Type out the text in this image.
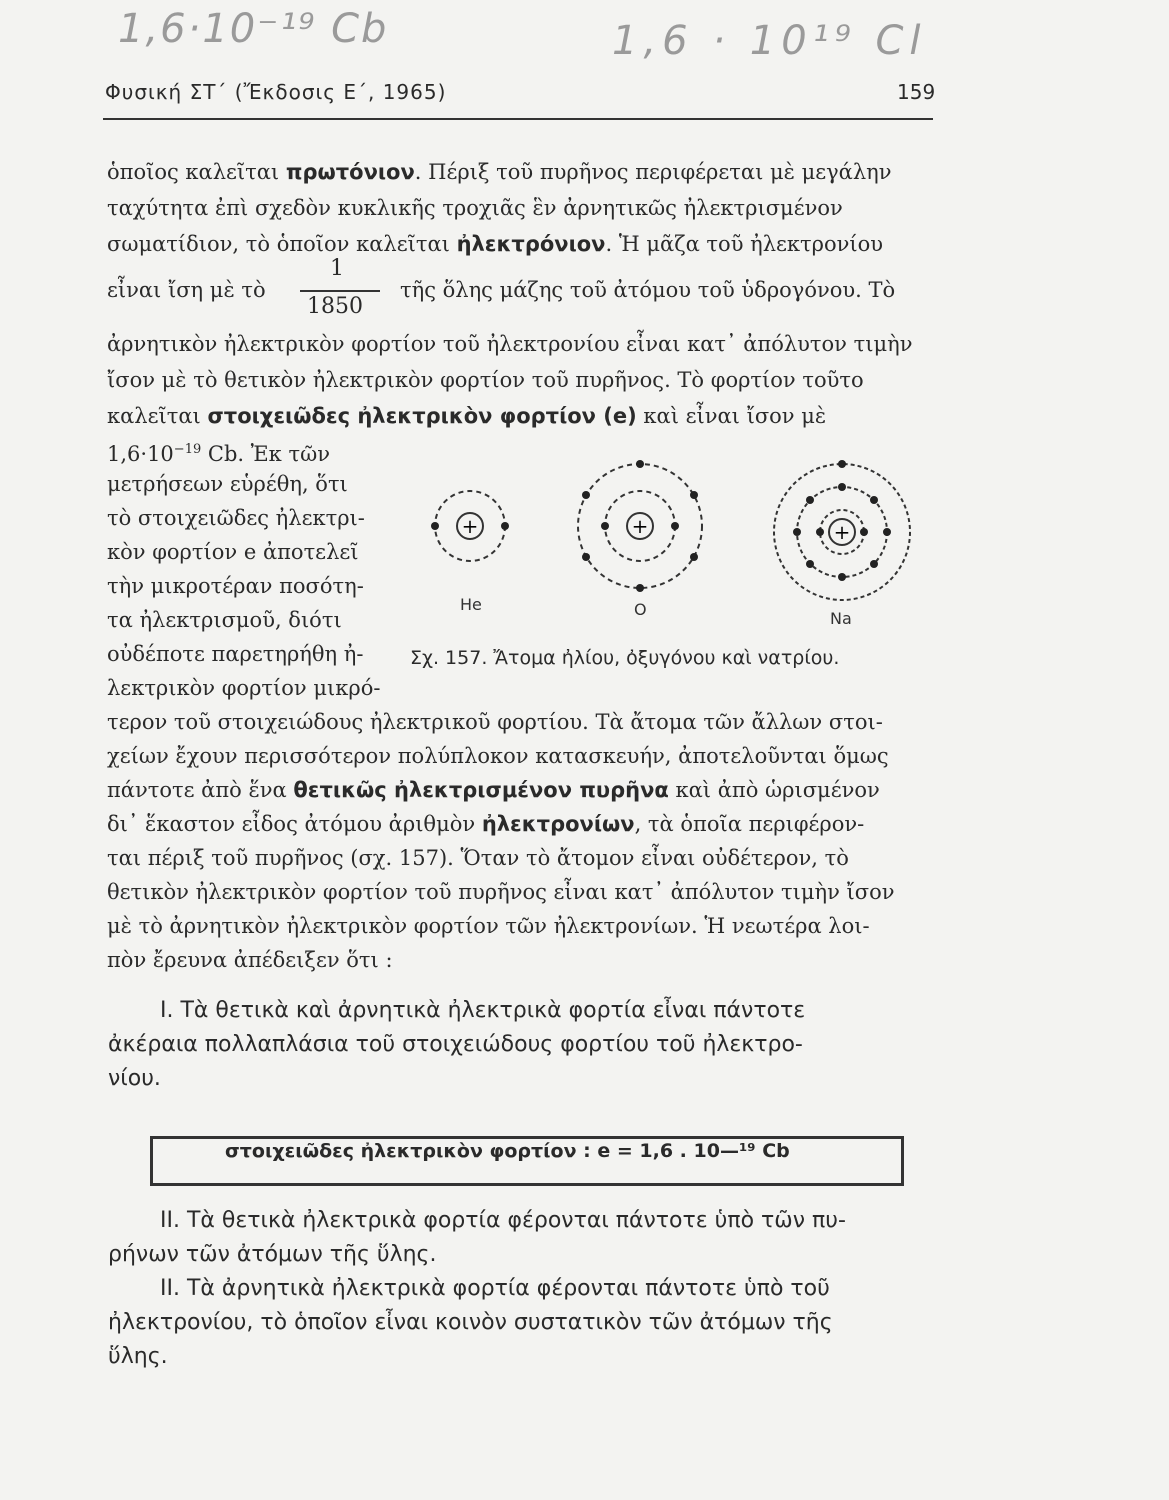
1,6·10⁻¹⁹ Cb	1,6 · 10¹⁹ Cl
Φυσική ΣΤ΄ (Ἔκδοσις Ε΄, 1965)	159
ὁποῖος καλεῖται πρωτόνιον. Πέριξ τοῦ πυρῆνος περιφέρεται μὲ μεγάλην
ταχύτητα ἐπὶ σχεδὸν κυκλικῆς τροχιᾶς ἓν ἀρνητικῶς ἠλεκτρισμένον
σωματίδιον, τὸ ὁποῖον καλεῖται ἠλεκτρόνιον. Ἡ μᾶζα τοῦ ἠλεκτρονίου
εἶναι ἴση μὲ τὸ
1
1850
τῆς ὅλης μάζης τοῦ ἀτόμου τοῦ ὑδρογόνου. Τὸ
ἀρνητικὸν ἠλεκτρικὸν φορτίον τοῦ ἠλεκτρονίου εἶναι κατ᾽ ἀπόλυτον τιμὴν
ἴσον μὲ τὸ θετικὸν ἠλεκτρικὸν φορτίον τοῦ πυρῆνος. Τὸ φορτίον τοῦτο
καλεῖται στοιχειῶδες ἠλεκτρικὸν φορτίον (e) καὶ εἶναι ἴσον μὲ
$1,6\cdot 10^{-19}$ Cb. Ἐκ τῶν
μετρήσεων εὑρέθη, ὅτι
τὸ στοιχειῶδες ἠλεκτρι-
κὸν φορτίον e ἀποτελεῖ
τὴν μικροτέραν ποσότη-
τα ἠλεκτρισμοῦ, διότι
οὐδέποτε παρετηρήθη ἠ-
λεκτρικὸν φορτίον μικρό-
τερον τοῦ στοιχειώδους ἠλεκτρικοῦ φορτίου. Τὰ ἄτομα τῶν ἄλλων στοι-
χείων ἔχουν περισσότερον πολύπλοκον κατασκευήν, ἀποτελοῦνται ὅμως
πάντοτε ἀπὸ ἕνα θετικῶς ἠλεκτρισμένον πυρῆνα καὶ ἀπὸ ὡρισμένον
δι᾽ ἕκαστον εἶδος ἀτόμου ἀριθμὸν ἠλεκτρονίων, τὰ ὁποῖα περιφέρον-
ται πέριξ τοῦ πυρῆνος (σχ. 157). Ὅταν τὸ ἄτομον εἶναι οὐδέτερον, τὸ
θετικὸν ἠλεκτρικὸν φορτίον τοῦ πυρῆνος εἶναι κατ᾽ ἀπόλυτον τιμὴν ἴσον
μὲ τὸ ἀρνητικὸν ἠλεκτρικὸν φορτίον τῶν ἠλεκτρονίων. Ἡ νεωτέρα λοι-
πὸν ἔρευνα ἀπέδειξεν ὅτι :
+
He
+
O
+
Na
Σχ. 157. Ἄτομα ἠλίου, ὀξυγόνου καὶ νατρίου.
I. Τὰ θετικὰ καὶ ἀρνητικὰ ἠλεκτρικὰ φορτία εἶναι πάντοτε
ἀκέραια πολλαπλάσια τοῦ στοιχειώδους φορτίου τοῦ ἠλεκτρο-
νίου.
στοιχειῶδες ἠλεκτρικὸν φορτίον : e = 1,6 . 10—¹⁹ Cb
II. Τὰ θετικὰ ἠλεκτρικὰ φορτία φέρονται πάντοτε ὑπὸ τῶν πυ-
ρήνων τῶν ἀτόμων τῆς ὕλης.
II. Τὰ ἀρνητικὰ ἠλεκτρικὰ φορτία φέρονται πάντοτε ὑπὸ τοῦ
ἠλεκτρονίου, τὸ ὁποῖον εἶναι κοινὸν συστατικὸν τῶν ἀτόμων τῆς
ὕλης.
